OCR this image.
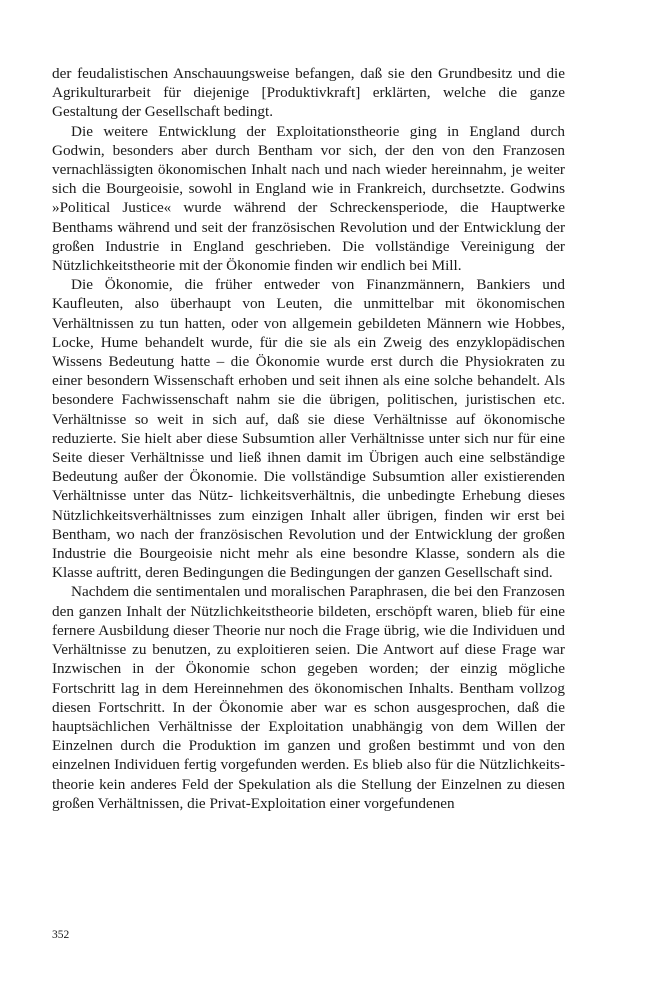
der feudalistischen Anschauungsweise befangen, daß sie den Grundbesitz und die Agrikulturarbeit für diejenige [Produktivkraft] erklärten, welche die ganze Gestaltung der Gesellschaft bedingt.

Die weitere Entwicklung der Exploitationstheorie ging in England durch Godwin, besonders aber durch Bentham vor sich, der den von den Franzosen vernachlässigten ökonomischen Inhalt nach und nach wieder hereinnahm, je weiter sich die Bourgeoisie, sowohl in England wie in Frankreich, durchsetzte. Godwins »Political Justice« wurde während der Schreckensperiode, die Hauptwerke Benthams während und seit der französischen Revolution und der Entwicklung der großen Industrie in England geschrieben. Die vollständige Vereinigung der Nützlichkeitstheorie mit der Ökonomie finden wir endlich bei Mill.

Die Ökonomie, die früher entweder von Finanzmännern, Bankiers und Kaufleuten, also überhaupt von Leuten, die unmittelbar mit ökonomischen Verhältnissen zu tun hatten, oder von allgemein gebildeten Männern wie Hobbes, Locke, Hume behandelt wurde, für die sie als ein Zweig des enzyklopädischen Wissens Bedeutung hatte – die Ökonomie wurde erst durch die Physiokraten zu einer besondern Wissenschaft erhoben und seit ihnen als eine solche behandelt. Als besondere Fachwissenschaft nahm sie die übrigen, politischen, juristischen etc. Verhältnisse so weit in sich auf, daß sie diese Verhältnisse auf ökonomische reduzierte. Sie hielt aber diese Subsumtion aller Verhältnisse unter sich nur für eine Seite dieser Verhältnisse und ließ ihnen damit im Übrigen auch eine selbständige Bedeutung außer der Ökonomie. Die vollständige Subsumtion aller existierenden Verhältnisse unter das Nütz- lichkeitsverhältnis, die unbedingte Erhebung dieses Nützlichkeitsverhältnisses zum einzigen Inhalt aller übrigen, finden wir erst bei Bentham, wo nach der französischen Revolution und der Entwicklung der großen Industrie die Bourgeoisie nicht mehr als eine besondre Klasse, sondern als die Klasse auftritt, deren Bedingungen die Bedingungen der ganzen Gesellschaft sind.

Nachdem die sentimentalen und moralischen Paraphrasen, die bei den Franzosen den ganzen Inhalt der Nützlichkeitstheorie bildeten, erschöpft waren, blieb für eine fernere Ausbildung dieser Theorie nur noch die Frage übrig, wie die Individuen und Verhältnisse zu benutzen, zu exploitieren seien. Die Antwort auf diese Frage war Inzwischen in der Ökonomie schon gegeben worden; der einzig mögliche Fortschritt lag in dem Hereinnehmen des ökonomischen Inhalts. Bentham vollzog diesen Fortschritt. In der Ökonomie aber war es schon ausgesprochen, daß die hauptsächlichen Verhältnisse der Exploitation unabhängig von dem Willen der Einzelnen durch die Produktion im ganzen und großen bestimmt und von den einzelnen Individuen fertig vorgefunden werden. Es blieb also für die Nützlichkeitstheorie kein anderes Feld der Spekulation als die Stellung der Einzelnen zu diesen großen Verhältnissen, die Privat-Exploitation einer vorgefundenen

352
